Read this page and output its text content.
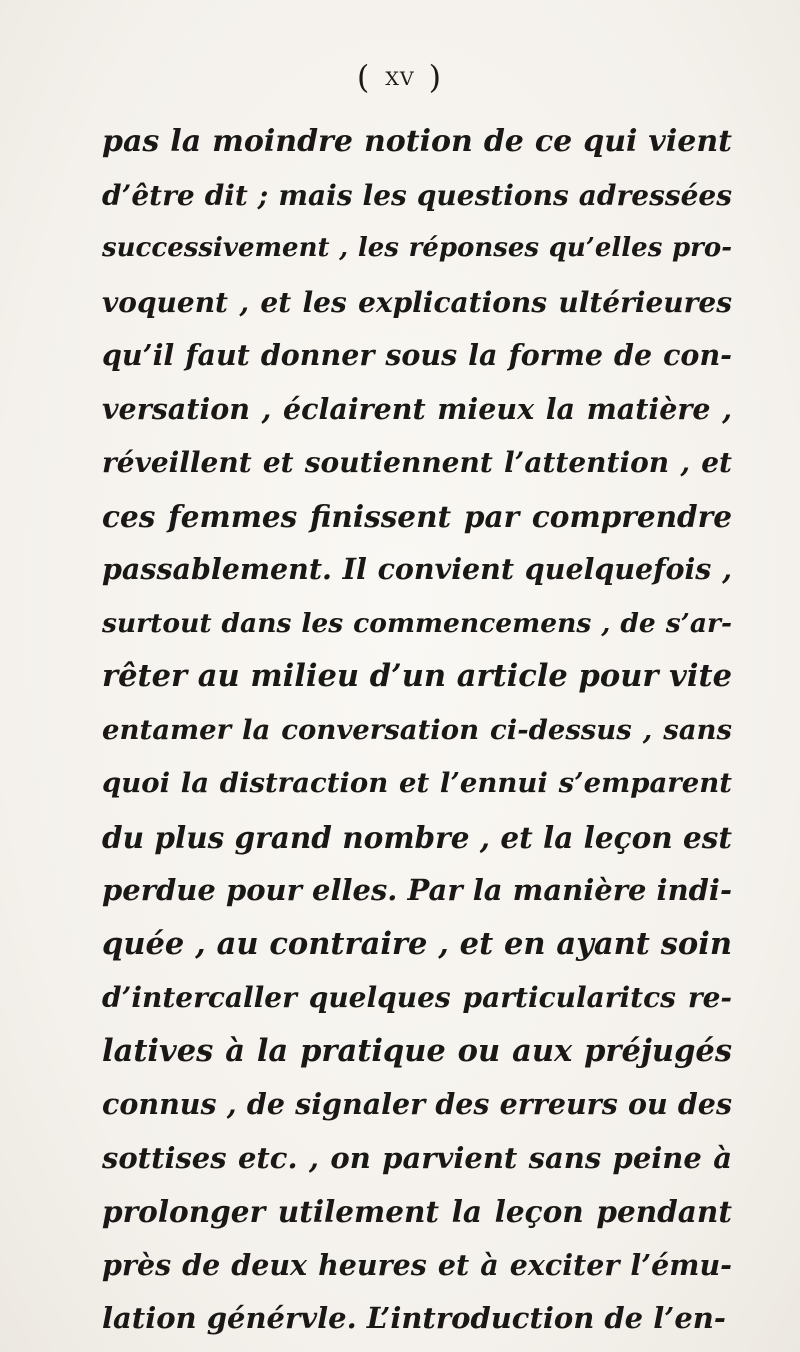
( XV )
pas la moindre notion de ce qui vient
d’être dit ; mais les questions adressées
successivement , les réponses qu’elles pro-
voquent , et les explications ultérieures
qu’il faut donner sous la forme de con-
versation , éclairent mieux la matière ,
réveillent et soutiennent l’attention , et
ces femmes finissent par comprendre
passablement. Il convient quelquefois ,
surtout dans les commencemens , de s’ar-
rêter au milieu d’un article pour vite
entamer la conversation ci-dessus , sans
quoi la distraction et l’ennui s’emparent
du plus grand nombre , et la leçon est
perdue pour elles. Par la manière indi-
quée , au contraire , et en ayant soin
d’intercaller quelques particularitcs re-
latives à la pratique ou aux préjugés
connus , de signaler des erreurs ou des
sottises etc. , on parvient sans peine à
prolonger utilement la leçon pendant
près de deux heures et à exciter l’ému-
lation générvle. L’introduction de l’en-
